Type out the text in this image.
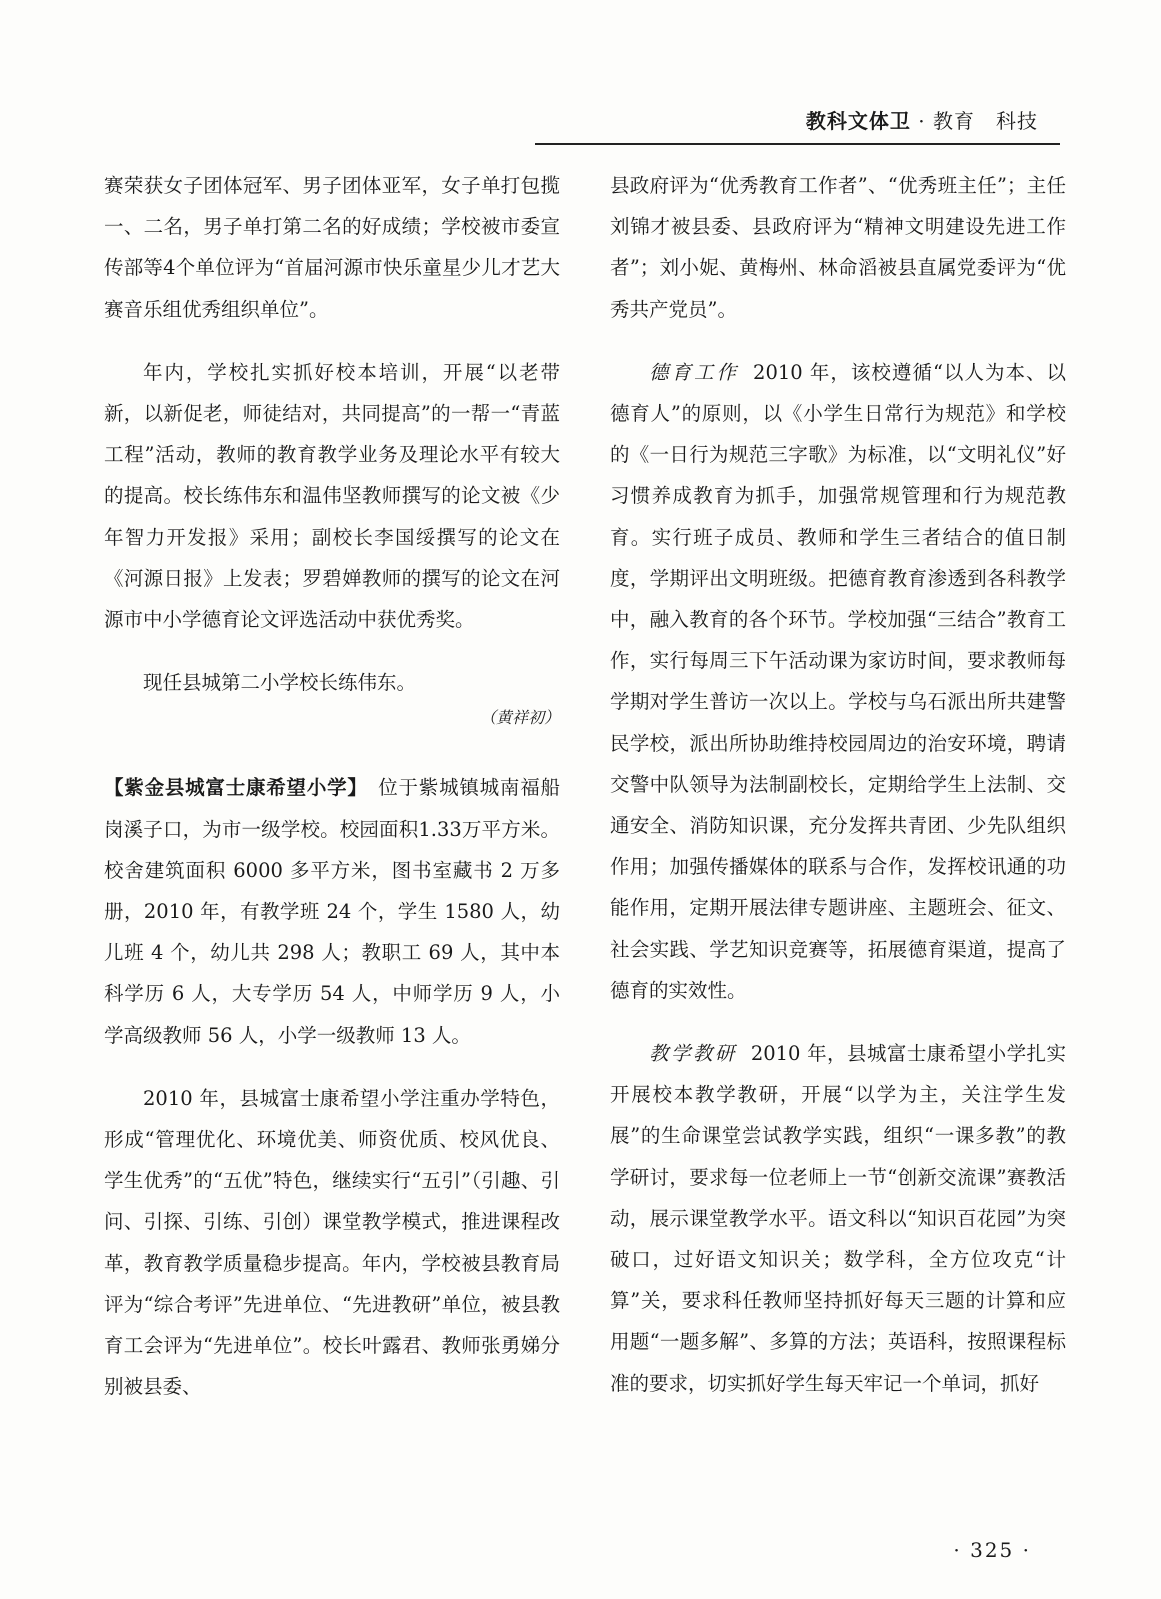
教科文体卫 · 教育　科技

赛荣获女子团体冠军、男子团体亚军，女子单打包揽一、二名，男子单打第二名的好成绩；学校被市委宣传部等4个单位评为“首届河源市快乐童星少儿才艺大赛音乐组优秀组织单位”。

年内，学校扎实抓好校本培训，开展“以老带新，以新促老，师徒结对，共同提高”的一帮一“青蓝工程”活动，教师的教育教学业务及理论水平有较大的提高。校长练伟东和温伟坚教师撰写的论文被《少年智力开发报》采用；副校长李国绥撰写的论文在《河源日报》上发表；罗碧婵教师的撰写的论文在河源市中小学德育论文评选活动中获优秀奖。

现任县城第二小学校长练伟东。

（黄祥初）

【紫金县城富士康希望小学】　位于紫城镇城南福船岗溪子口，为市一级学校。校园面积1.33万平方米。校舍建筑面积 6000 多平方米，图书室藏书 2 万多册，2010 年，有教学班 24 个，学生 1580 人，幼儿班 4 个，幼儿共 298 人；教职工 69 人，其中本科学历 6 人，大专学历 54 人，中师学历 9 人，小学高级教师 56 人，小学一级教师 13 人。

2010 年，县城富士康希望小学注重办学特色，形成“管理优化、环境优美、师资优质、校风优良、学生优秀”的“五优”特色，继续实行“五引”（引趣、引问、引探、引练、引创）课堂教学模式，推进课程改革，教育教学质量稳步提高。年内，学校被县教育局评为“综合考评”先进单位、“先进教研”单位，被县教育工会评为“先进单位”。校长叶露君、教师张勇娣分别被县委、

县政府评为“优秀教育工作者”、“优秀班主任”；主任刘锦才被县委、县政府评为“精神文明建设先进工作者”；刘小妮、黄梅州、林命滔被县直属党委评为“优秀共产党员”。

德育工作 2010 年，该校遵循“以人为本、以德育人”的原则，以《小学生日常行为规范》和学校的《一日行为规范三字歌》为标准，以“文明礼仪”好习惯养成教育为抓手，加强常规管理和行为规范教育。实行班子成员、教师和学生三者结合的值日制度，学期评出文明班级。把德育教育渗透到各科教学中，融入教育的各个环节。学校加强“三结合”教育工作，实行每周三下午活动课为家访时间，要求教师每学期对学生普访一次以上。学校与乌石派出所共建警民学校，派出所协助维持校园周边的治安环境，聘请交警中队领导为法制副校长，定期给学生上法制、交通安全、消防知识课，充分发挥共青团、少先队组织作用；加强传播媒体的联系与合作，发挥校讯通的功能作用，定期开展法律专题讲座、主题班会、征文、社会实践、学艺知识竞赛等，拓展德育渠道，提高了德育的实效性。

教学教研 2010 年，县城富士康希望小学扎实开展校本教学教研，开展“以学为主，关注学生发展”的生命课堂尝试教学实践，组织“一课多教”的教学研讨，要求每一位老师上一节“创新交流课”赛教活动，展示课堂教学水平。语文科以“知识百花园”为突破口，过好语文知识关；数学科，全方位攻克“计算”关，要求科任教师坚持抓好每天三题的计算和应用题“一题多解”、多算的方法；英语科，按照课程标准的要求，切实抓好学生每天牢记一个单词，抓好

· 325 ·
